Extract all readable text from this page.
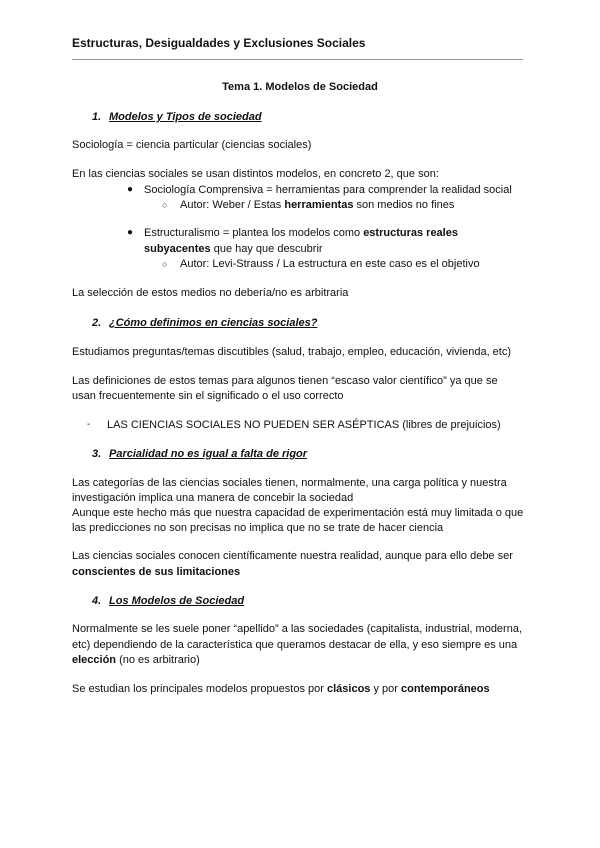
Estructuras, Desigualdades y Exclusiones Sociales
Tema 1. Modelos de Sociedad
1. Modelos y Tipos de sociedad
Sociología = ciencia particular (ciencias sociales)
En las ciencias sociales se usan distintos modelos, en concreto 2, que son:
● Sociología Comprensiva = herramientas para comprender la realidad social
○ Autor: Weber / Estas herramientas son medios no fines
● Estructuralismo = plantea los modelos como estructuras reales
subyacentes que hay que descubrir
○ Autor: Levi-Strauss / La estructura en este caso es el objetivo
La selección de estos medios no debería/no es arbitraria
2. ¿Cómo definimos en ciencias sociales?
Estudiamos preguntas/temas discutibles (salud, trabajo, empleo, educación, vivienda, etc)
Las definiciones de estos temas para algunos tienen “escaso valor científico” ya que se
usan frecuentemente sin el significado o el uso correcto
- LAS CIENCIAS SOCIALES NO PUEDEN SER ASÉPTICAS (libres de prejuicios)
3. Parcialidad no es igual a falta de rigor
Las categorías de las ciencias sociales tienen, normalmente, una carga política y nuestra
investigación implica una manera de concebir la sociedad
Aunque este hecho más que nuestra capacidad de experimentación está muy limitada o que
las predicciones no son precisas no implica que no se trate de hacer ciencia
Las ciencias sociales conocen científicamente nuestra realidad, aunque para ello debe ser
conscientes de sus limitaciones
4. Los Modelos de Sociedad
Normalmente se les suele poner “apellido” a las sociedades (capitalista, industrial, moderna,
etc) dependiendo de la característica que queramos destacar de ella, y eso siempre es una
elección (no es arbitrario)
Se estudian los principales modelos propuestos por clásicos y por contemporáneos
